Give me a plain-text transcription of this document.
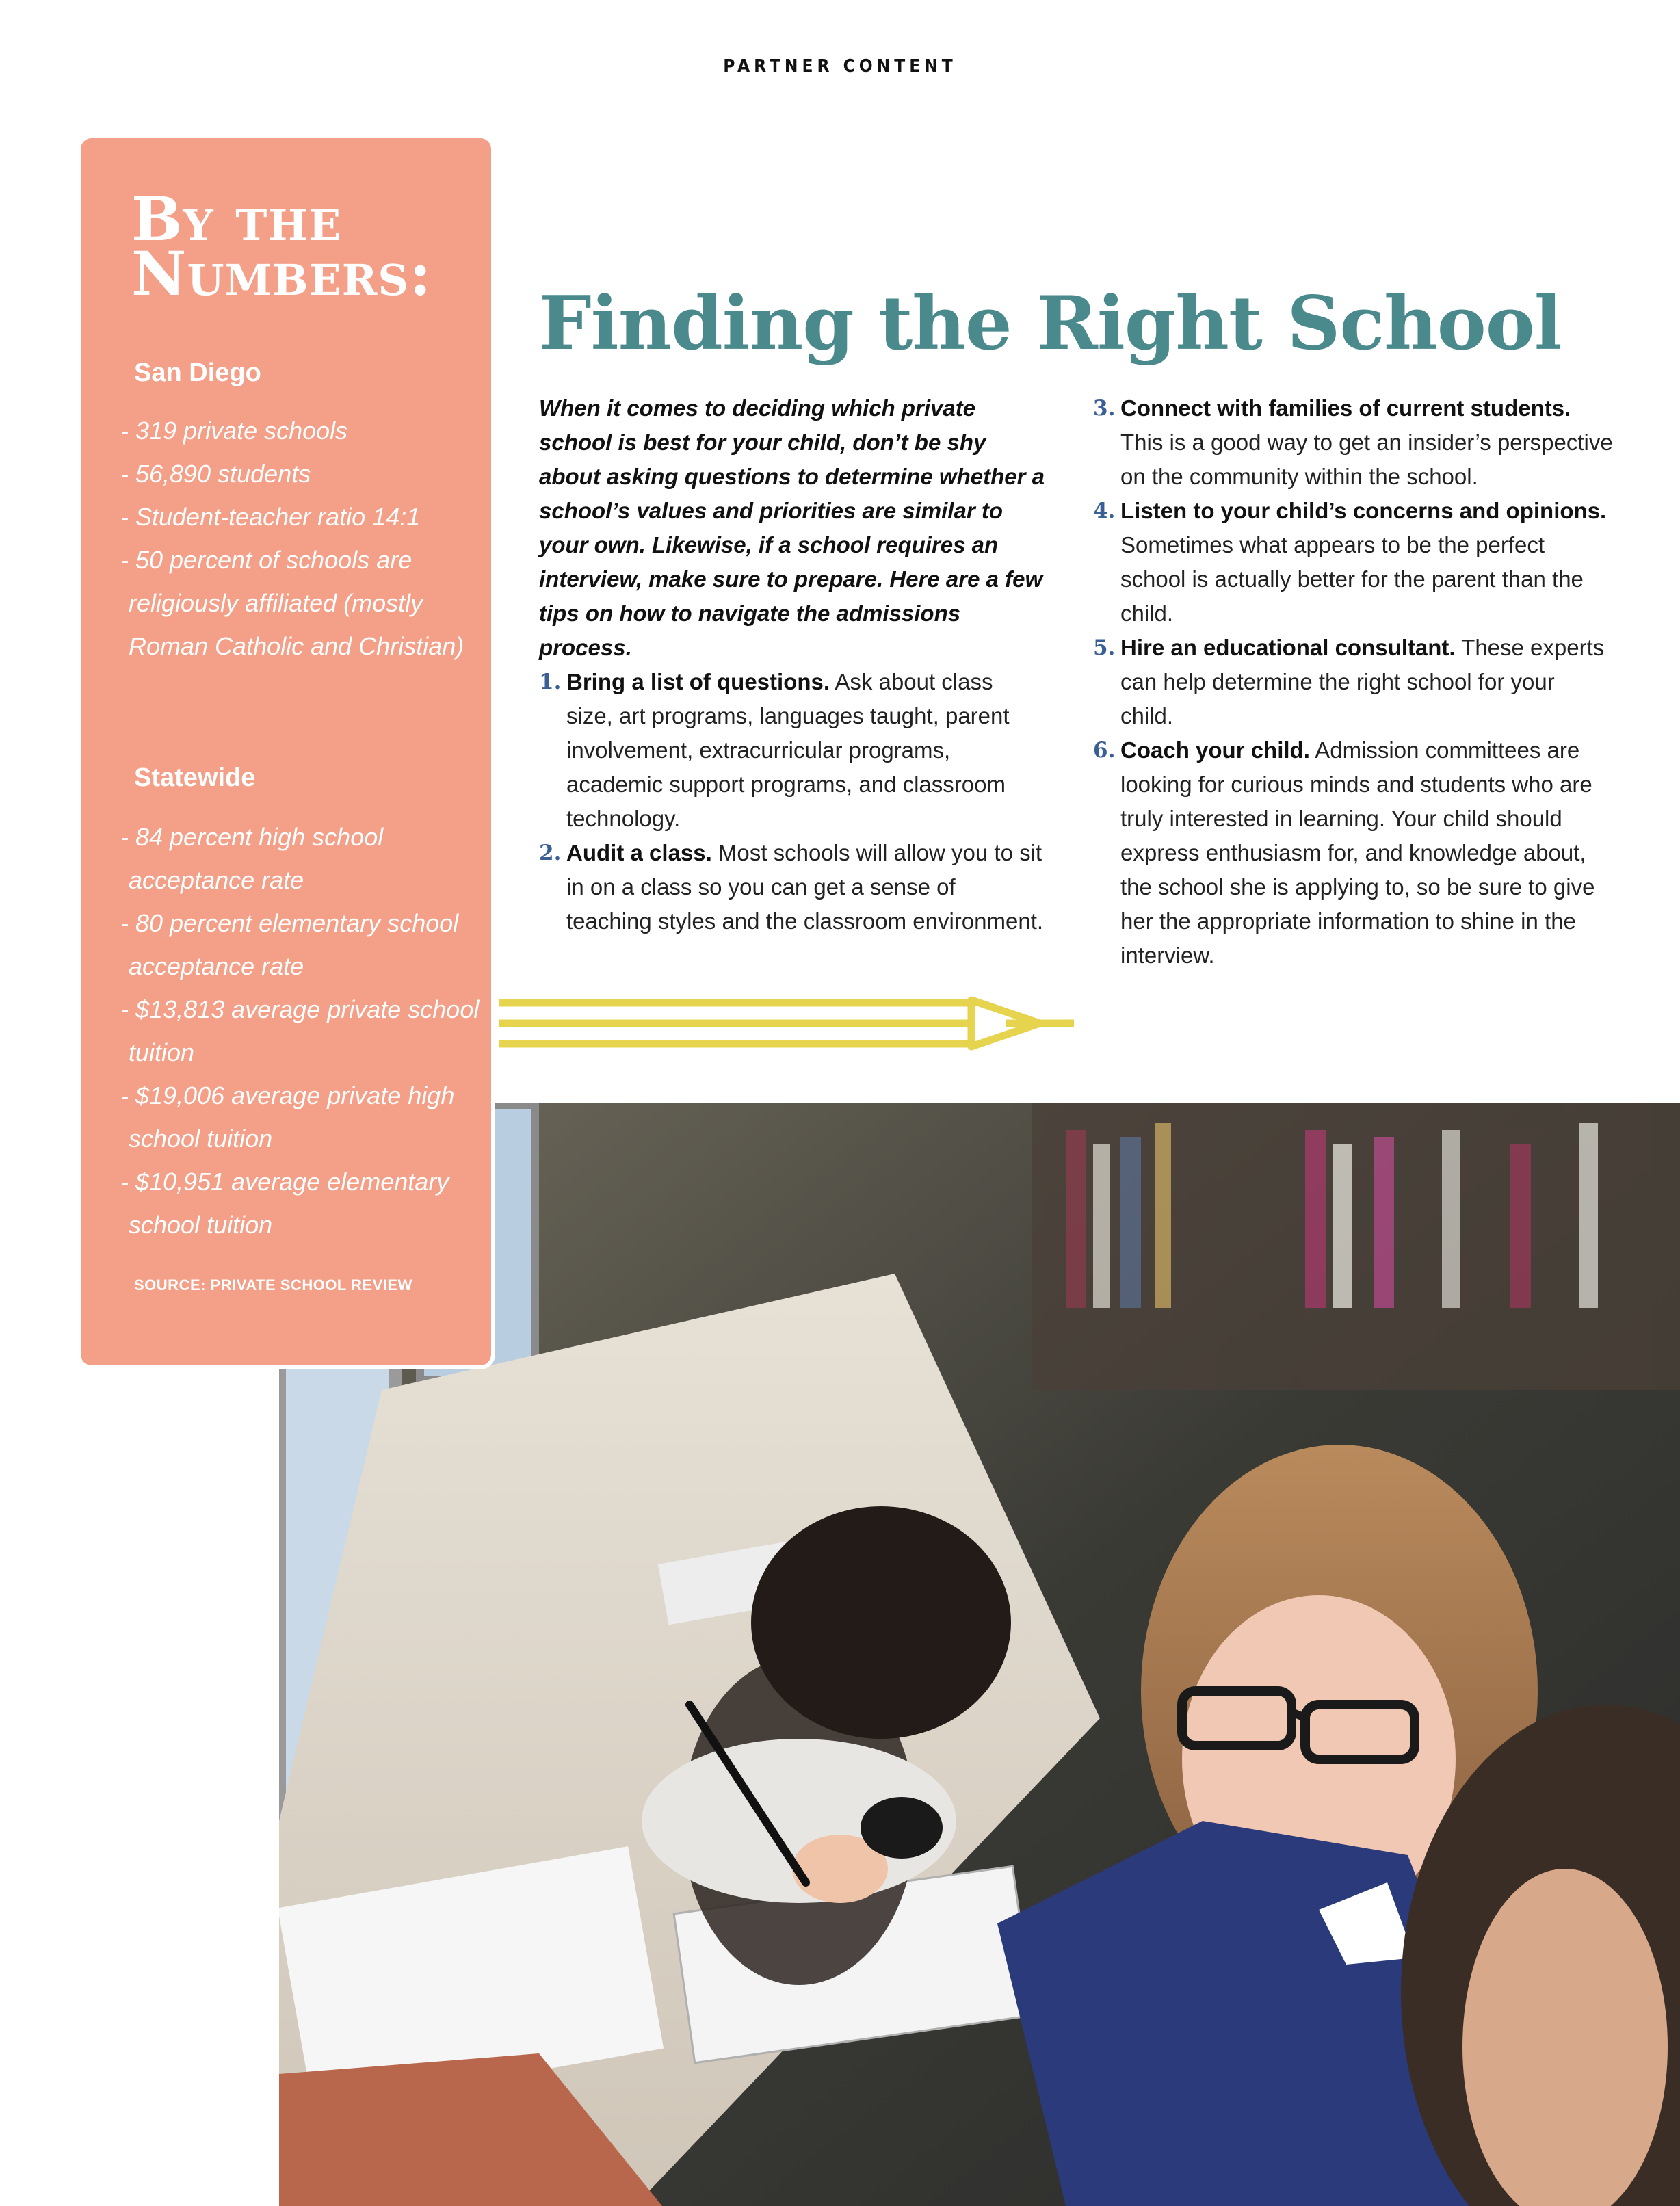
PARTNER CONTENT
By the
Numbers:
San Diego
- 319 private schools
- 56,890 students
- Student-teacher ratio 14:1
- 50 percent of schools are religiously affiliated (mostly Roman Catholic and Christian)
Statewide
- 84 percent high school acceptance rate
- 80 percent elementary school acceptance rate
- $13,813 average private school tuition
- $19,006 average private high school tuition
- $10,951 average elementary school tuition
SOURCE: PRIVATE SCHOOL REVIEW
Finding the Right School
When it comes to deciding which private school is best for your child, don’t be shy about asking questions to determine whether a school’s values and priorities are similar to your own. Likewise, if a school requires an interview, make sure to prepare. Here are a few tips on how to navigate the admissions process.
1. Bring a list of questions. Ask about class size, art programs, languages taught, parent involvement, extracurricular programs, academic support programs, and classroom technology.
2. Audit a class. Most schools will allow you to sit in on a class so you can get a sense of teaching styles and the classroom environment.
3. Connect with families of current students. This is a good way to get an insider’s perspective on the community within the school.
4. Listen to your child’s concerns and opinions. Sometimes what appears to be the perfect school is actually better for the parent than the child.
5. Hire an educational consultant. These experts can help determine the right school for your child.
6. Coach your child. Admission committees are looking for curious minds and students who are truly interested in learning. Your child should express enthusiasm for, and knowledge about, the school she is applying to, so be sure to give her the appropriate information to shine in the interview.
